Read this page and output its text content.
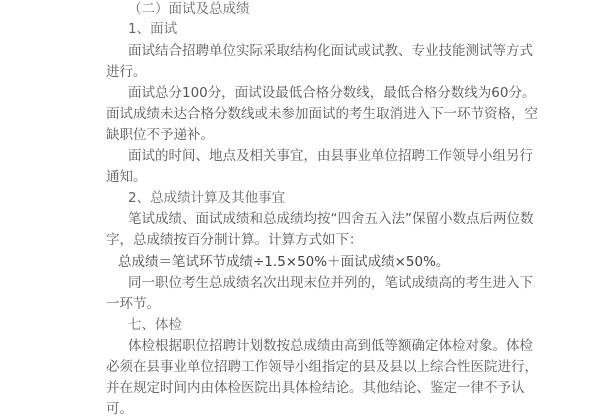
（二）面试及总成绩
1、面试
面试结合招聘单位实际采取结构化面试或试教、专业技能测试等方式
进行。
面试总分100分，面试设最低合格分数线，最低合格分数线为60分。
面试成绩未达合格分数线或未参加面试的考生取消进入下一环节资格，空
缺职位不予递补。
面试的时间、地点及相关事宜，由县事业单位招聘工作领导小组另行
通知。
2、总成绩计算及其他事宜
笔试成绩、面试成绩和总成绩均按“四舍五入法”保留小数点后两位数
字，总成绩按百分制计算。计算方式如下：
总成绩＝笔试环节成绩÷1.5×50%＋面试成绩×50%。
同一职位考生总成绩名次出现末位并列的，笔试成绩高的考生进入下
一环节。
七、体检
体检根据职位招聘计划数按总成绩由高到低等额确定体检对象。体检
必须在县事业单位招聘工作领导小组指定的县及县以上综合性医院进行，
并在规定时间内由体检医院出具体检结论。其他结论、鉴定一律不予认
可。
